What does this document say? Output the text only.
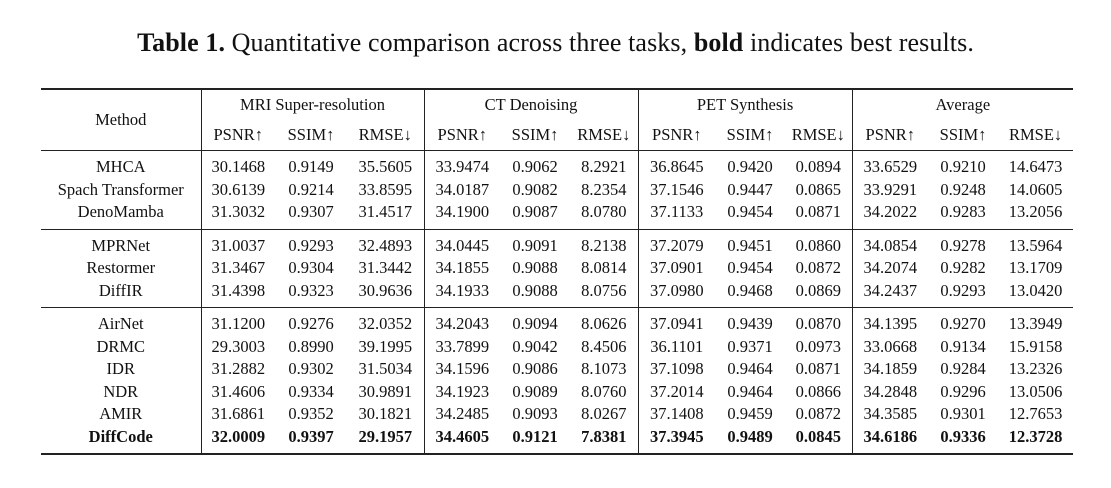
Table 1. Quantitative comparison across three tasks, bold indicates best results.
Method	MRI Super-resolution			CT Denoising			PET Synthesis			Average		
	PSNR↑	SSIM↑	RMSE↓	PSNR↑	SSIM↑	RMSE↓	PSNR↑	SSIM↑	RMSE↓	PSNR↑	SSIM↑	RMSE↓
MHCA	30.1468	0.9149	35.5605	33.9474	0.9062	8.2921	36.8645	0.9420	0.0894	33.6529	0.9210	14.6473
Spach Transformer	30.6139	0.9214	33.8595	34.0187	0.9082	8.2354	37.1546	0.9447	0.0865	33.9291	0.9248	14.0605
DenoMamba	31.3032	0.9307	31.4517	34.1900	0.9087	8.0780	37.1133	0.9454	0.0871	34.2022	0.9283	13.2056
MPRNet	31.0037	0.9293	32.4893	34.0445	0.9091	8.2138	37.2079	0.9451	0.0860	34.0854	0.9278	13.5964
Restormer	31.3467	0.9304	31.3442	34.1855	0.9088	8.0814	37.0901	0.9454	0.0872	34.2074	0.9282	13.1709
DiffIR	31.4398	0.9323	30.9636	34.1933	0.9088	8.0756	37.0980	0.9468	0.0869	34.2437	0.9293	13.0420
AirNet	31.1200	0.9276	32.0352	34.2043	0.9094	8.0626	37.0941	0.9439	0.0870	34.1395	0.9270	13.3949
DRMC	29.3003	0.8990	39.1995	33.7899	0.9042	8.4506	36.1101	0.9371	0.0973	33.0668	0.9134	15.9158
IDR	31.2882	0.9302	31.5034	34.1596	0.9086	8.1073	37.1098	0.9464	0.0871	34.1859	0.9284	13.2326
NDR	31.4606	0.9334	30.9891	34.1923	0.9089	8.0760	37.2014	0.9464	0.0866	34.2848	0.9296	13.0506
AMIR	31.6861	0.9352	30.1821	34.2485	0.9093	8.0267	37.1408	0.9459	0.0872	34.3585	0.9301	12.7653
DiffCode	32.0009	0.9397	29.1957	34.4605	0.9121	7.8381	37.3945	0.9489	0.0845	34.6186	0.9336	12.3728
